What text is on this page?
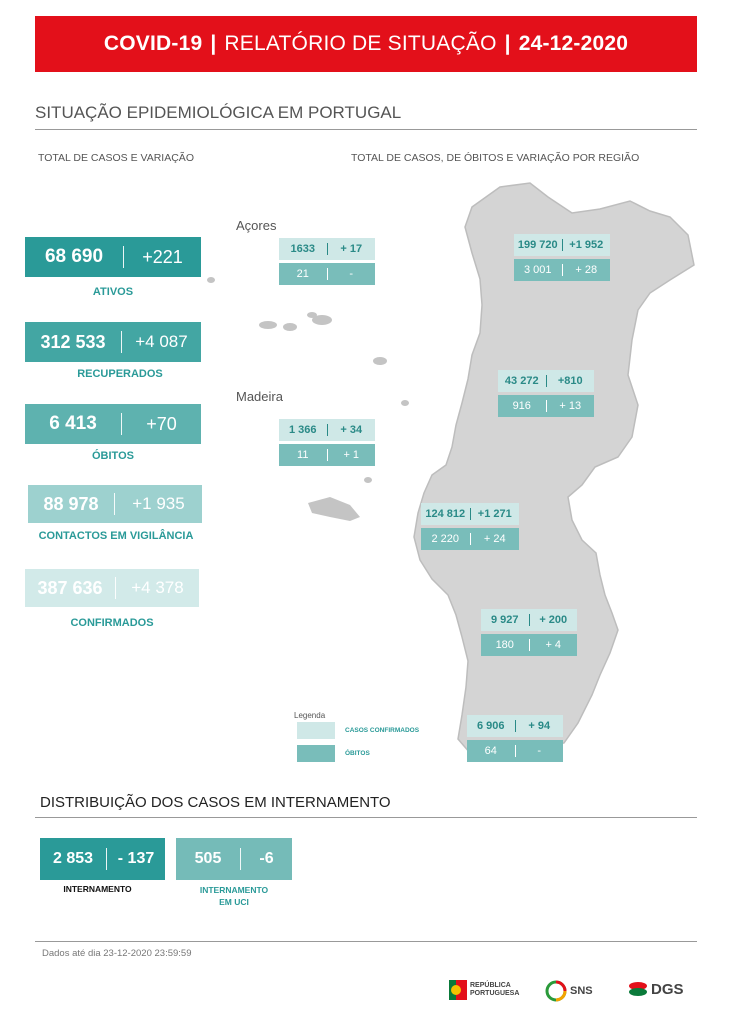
COVID-19 | RELATÓRIO DE SITUAÇÃO | 24-12-2020
SITUAÇÃO EPIDEMIOLÓGICA EM PORTUGAL
TOTAL DE CASOS E VARIAÇÃO	TOTAL DE CASOS, DE ÓBITOS E VARIAÇÃO POR REGIÃO
68 690	+221
ATIVOS
312 533	+4 087
RECUPERADOS
6 413	+70
ÓBITOS
88 978	+1 935
CONTACTOS EM VIGILÂNCIA
387 636	+4 378
CONFIRMADOS
Açores
Madeira
1633	+ 17
21	-
1 366	+ 34
11	+ 1
199 720	+1 952
3 001	+ 28
43 272	+810
916	+ 13
124 812	+1 271
2 220	+ 24
9 927	+ 200
180	+ 4
6 906	+ 94
64	-
Legenda
CASOS CONFIRMADOS
ÓBITOS
DISTRIBUIÇÃO DOS CASOS EM INTERNAMENTO
2 853	- 137
INTERNAMENTO
505	-6
INTERNAMENTO
EM UCI
Dados até dia 23-12-2020 23:59:59
REPÚBLICA
PORTUGUESA	SNS	DGS
